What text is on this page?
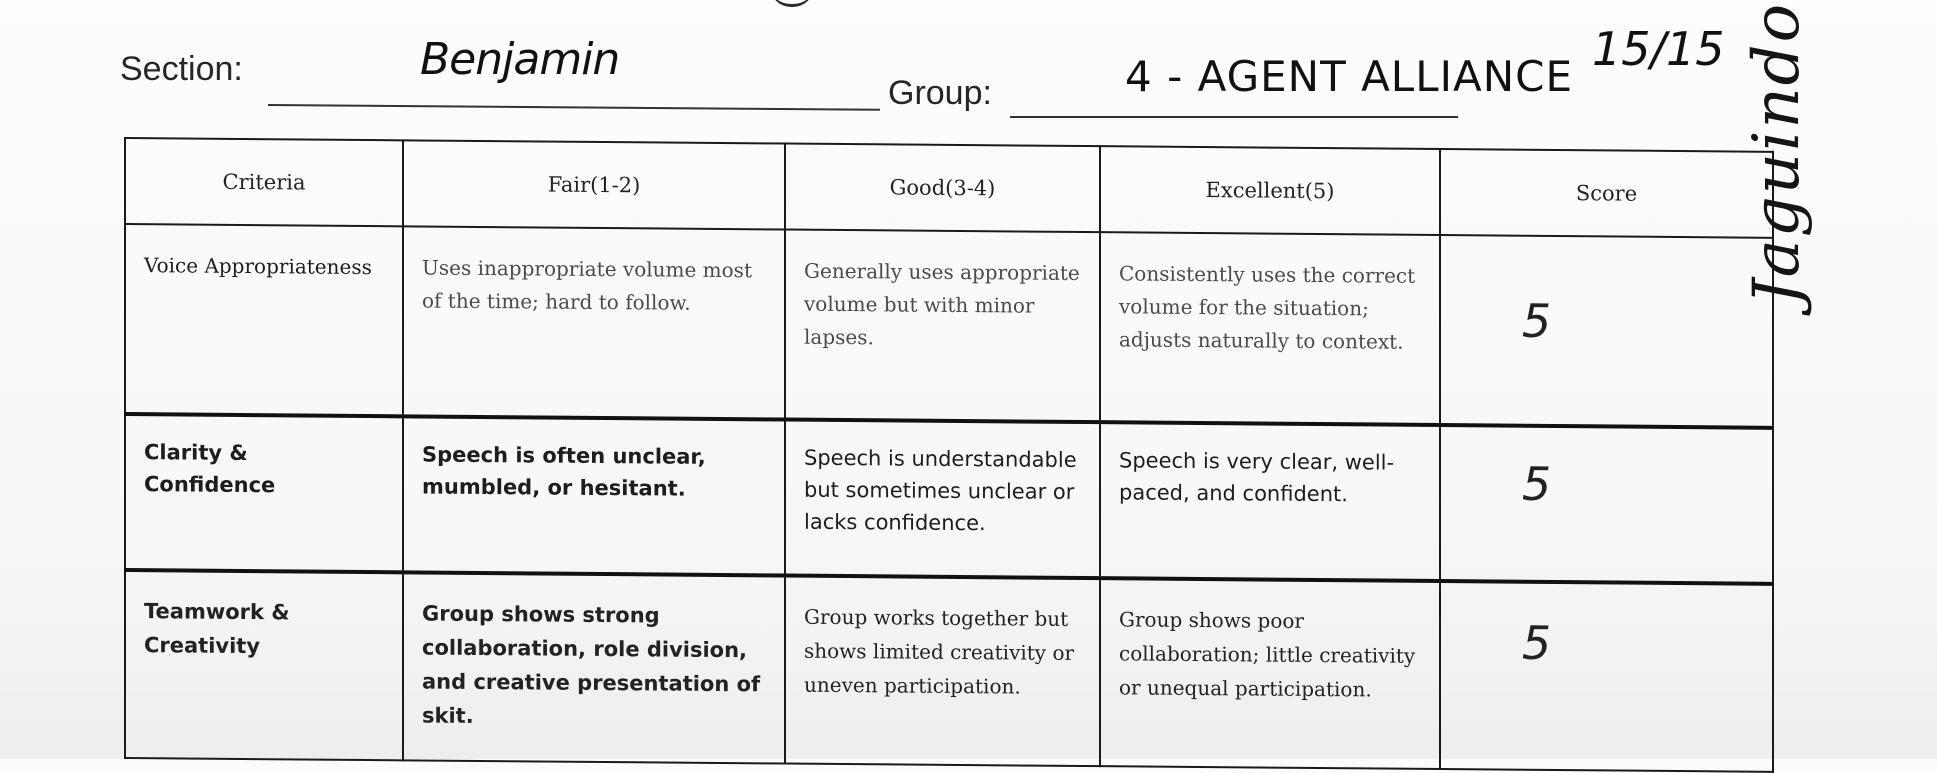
Section:	Benjamin
Group:	4 - AGENT ALLIANCE
15/15
Criteria	Fair(1-2)	Good(3-4)	Excellent(5)	Score
Voice Appropriateness	Uses inappropriate volume most of the time; hard to follow.	Generally uses appropriate volume but with minor lapses.	Consistently uses the correct volume for the situation; adjusts naturally to context.	5
Clarity & Confidence	Speech is often unclear, mumbled, or hesitant.	Speech is understandable but sometimes unclear or lacks confidence.	Speech is very clear, well-paced, and confident.	5
Teamwork & Creativity	Group shows strong collaboration, role division, and creative presentation of skit.	Group works together but shows limited creativity or uneven participation.	Group shows poor collaboration; little creativity or unequal participation.	5
Jaguindo
